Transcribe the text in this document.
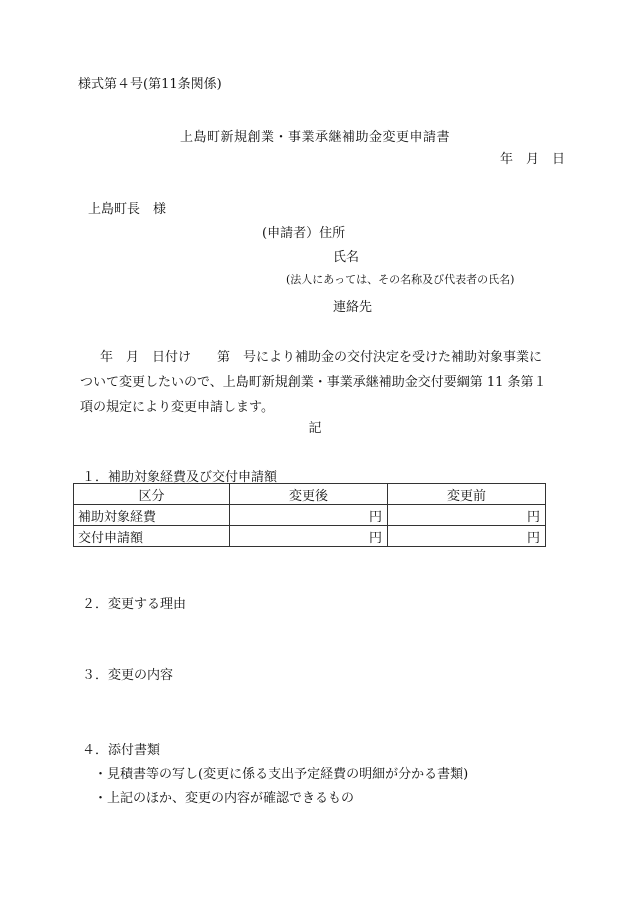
様式第４号(第11条関係)
上島町新規創業・事業承継補助金変更申請書
年　月　日
上島町長　様
(申請者）住所
氏名
(法人にあっては、その名称及び代表者の氏名)
連絡先
年　月　日付け　　第　号により補助金の交付決定を受けた補助対象事業について変更したいので、上島町新規創業・事業承継補助金交付要綱第 11 条第１項の規定により変更申請します。
記
１．補助対象経費及び交付申請額
区分	変更後	変更前
補助対象経費	円	円
交付申請額	円	円
２．変更する理由
３．変更の内容
４．添付書類
・見積書等の写し(変更に係る支出予定経費の明細が分かる書類)
・上記のほか、変更の内容が確認できるもの
